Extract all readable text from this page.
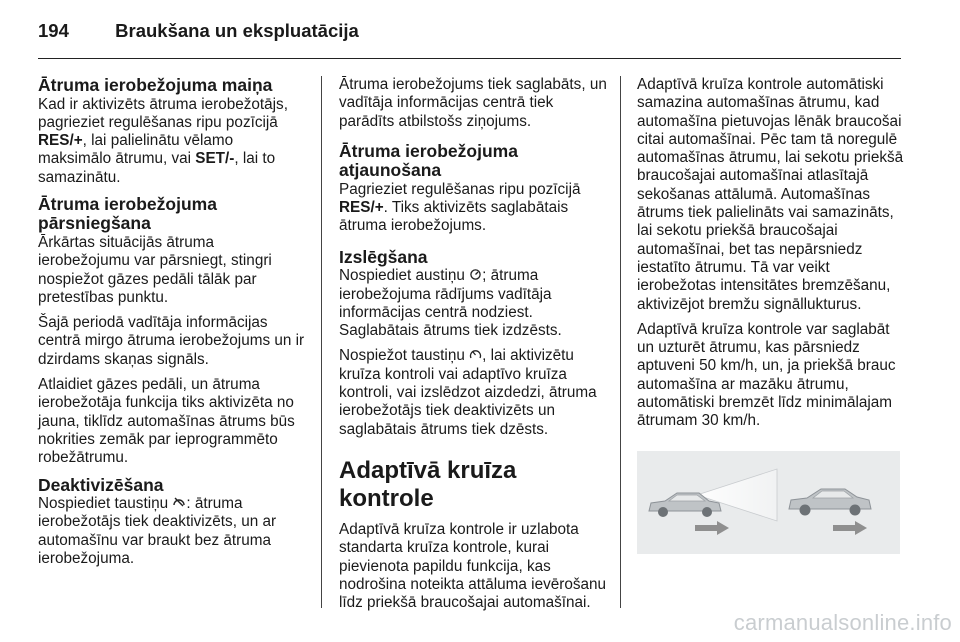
194	Braukšana un ekspluatācija
Ātruma ierobežojuma maiņa

Kad ir aktivizēts ātruma ierobežotājs, pagrieziet regulēšanas ripu pozīcijā RES/+, lai palielinātu vēlamo maksimālo ātrumu, vai SET/-, lai to samazinātu.

Ātruma ierobežojuma
pārsniegšana

Ārkārtas situācijās ātruma ierobežojumu var pārsniegt, stingri nospiežot gāzes pedāli tālāk par pretestības punktu.

Šajā periodā vadītāja informācijas centrā mirgo ātruma ierobežojums un ir dzirdams skaņas signāls.

Atlaidiet gāzes pedāli, un ātruma ierobežotāja funkcija tiks aktivizēta no jauna, tiklīdz automašīnas ātrums būs nokrities zemāk par ieprogrammēto robežātrumu.

Deaktivizēšana

Nospiediet taustiņu : ātruma ierobežotājs tiek deaktivizēts, un ar automašīnu var braukt bez ātruma ierobežojuma.

Ātruma ierobežojums tiek saglabāts, un vadītāja informācijas centrā tiek parādīts atbilstošs ziņojums.

Ātruma ierobežojuma
atjaunošana

Pagrieziet regulēšanas ripu pozīcijā RES/+. Tiks aktivizēts saglabātais ātruma ierobežojums.

Izslēgšana

Nospiediet austiņu ; ātruma ierobežojuma rādījums vadītāja informācijas centrā nodziest. Saglabātais ātrums tiek izdzēsts.

Nospiežot taustiņu , lai aktivizētu kruīza kontroli vai adaptīvo kruīza kontroli, vai izslēdzot aizdedzi, ātruma ierobežotājs tiek deaktivizēts un saglabātais ātrums tiek dzēsts.

Adaptīvā kruīza kontrole

Adaptīvā kruīza kontrole ir uzlabota standarta kruīza kontrole, kurai pievienota papildu funkcija, kas nodrošina noteikta attāluma ievērošanu līdz priekšā braucošajai automašīnai.

Adaptīvā kruīza kontrole automātiski samazina automašīnas ātrumu, kad automašīna pietuvojas lēnāk braucošai citai automašīnai. Pēc tam tā noregulē automašīnas ātrumu, lai sekotu priekšā braucošajai automašīnai atlasītajā sekošanas attālumā. Automašīnas ātrums tiek palielināts vai samazināts, lai sekotu priekšā braucošajai automašīnai, bet tas nepārsniedz iestatīto ātrumu. Tā var veikt ierobežotas intensitātes bremzēšanu, aktivizējot bremžu signāllukturus.

Adaptīvā kruīza kontrole var saglabāt un uzturēt ātrumu, kas pārsniedz aptuveni 50 km/h, un, ja priekšā brauc automašīna ar mazāku ātrumu, automātiski bremzēt līdz minimālajam ātrumam 30 km/h.

carmanualsonline.info
